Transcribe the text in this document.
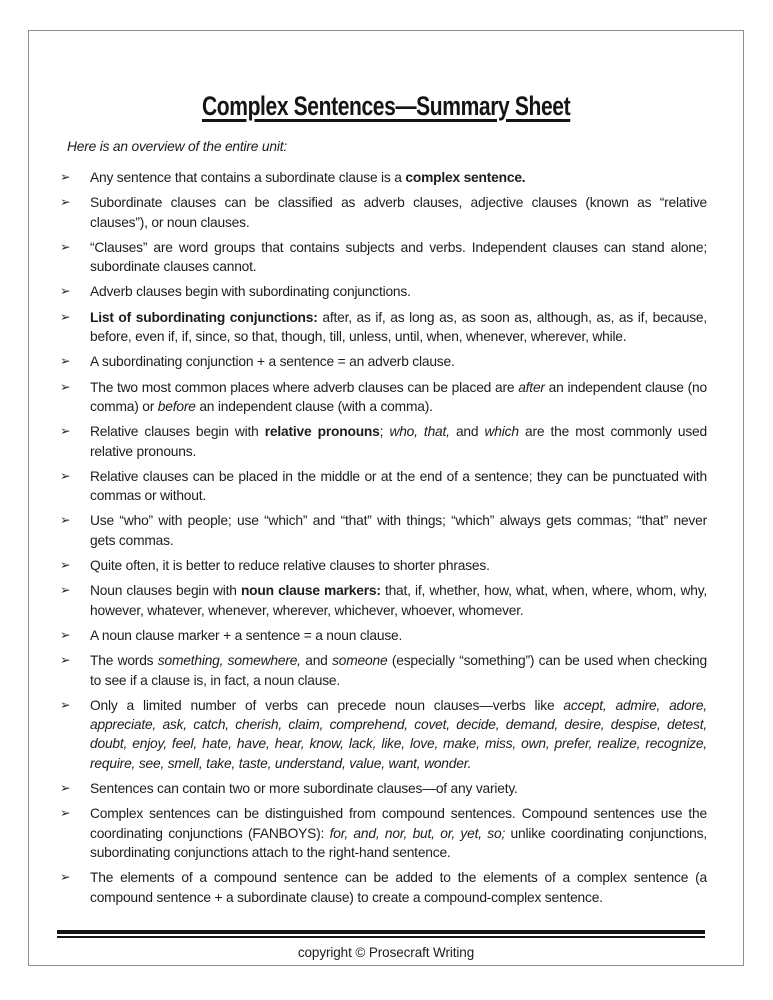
Complex Sentences—Summary Sheet
Here is an overview of the entire unit:
➢ Any sentence that contains a subordinate clause is a complex sentence.
➢ Subordinate clauses can be classified as adverb clauses, adjective clauses (known as “relative clauses”), or noun clauses.
➢ “Clauses” are word groups that contains subjects and verbs. Independent clauses can stand alone; subordinate clauses cannot.
➢ Adverb clauses begin with subordinating conjunctions.
➢ List of subordinating conjunctions: after, as if, as long as, as soon as, although, as, as if, because, before, even if, if, since, so that, though, till, unless, until, when, whenever, wherever, while.
➢ A subordinating conjunction + a sentence = an adverb clause.
➢ The two most common places where adverb clauses can be placed are after an independent clause (no comma) or before an independent clause (with a comma).
➢ Relative clauses begin with relative pronouns; who, that, and which are the most commonly used relative pronouns.
➢ Relative clauses can be placed in the middle or at the end of a sentence; they can be punctuated with commas or without.
➢ Use “who” with people; use “which” and “that” with things; “which” always gets commas; “that” never gets commas.
➢ Quite often, it is better to reduce relative clauses to shorter phrases.
➢ Noun clauses begin with noun clause markers: that, if, whether, how, what, when, where, whom, why, however, whatever, whenever, wherever, whichever, whoever, whomever.
➢ A noun clause marker + a sentence = a noun clause.
➢ The words something, somewhere, and someone (especially “something”) can be used when checking to see if a clause is, in fact, a noun clause.
➢ Only a limited number of verbs can precede noun clauses—verbs like accept, admire, adore, appreciate, ask, catch, cherish, claim, comprehend, covet, decide, demand, desire, despise, detest, doubt, enjoy, feel, hate, have, hear, know, lack, like, love, make, miss, own, prefer, realize, recognize, require, see, smell, take, taste, understand, value, want, wonder.
➢ Sentences can contain two or more subordinate clauses—of any variety.
➢ Complex sentences can be distinguished from compound sentences. Compound sentences use the coordinating conjunctions (FANBOYS): for, and, nor, but, or, yet, so; unlike coordinating conjunctions, subordinating conjunctions attach to the right-hand sentence.
➢ The elements of a compound sentence can be added to the elements of a complex sentence (a compound sentence + a subordinate clause) to create a compound-complex sentence.
copyright © Prosecraft Writing
